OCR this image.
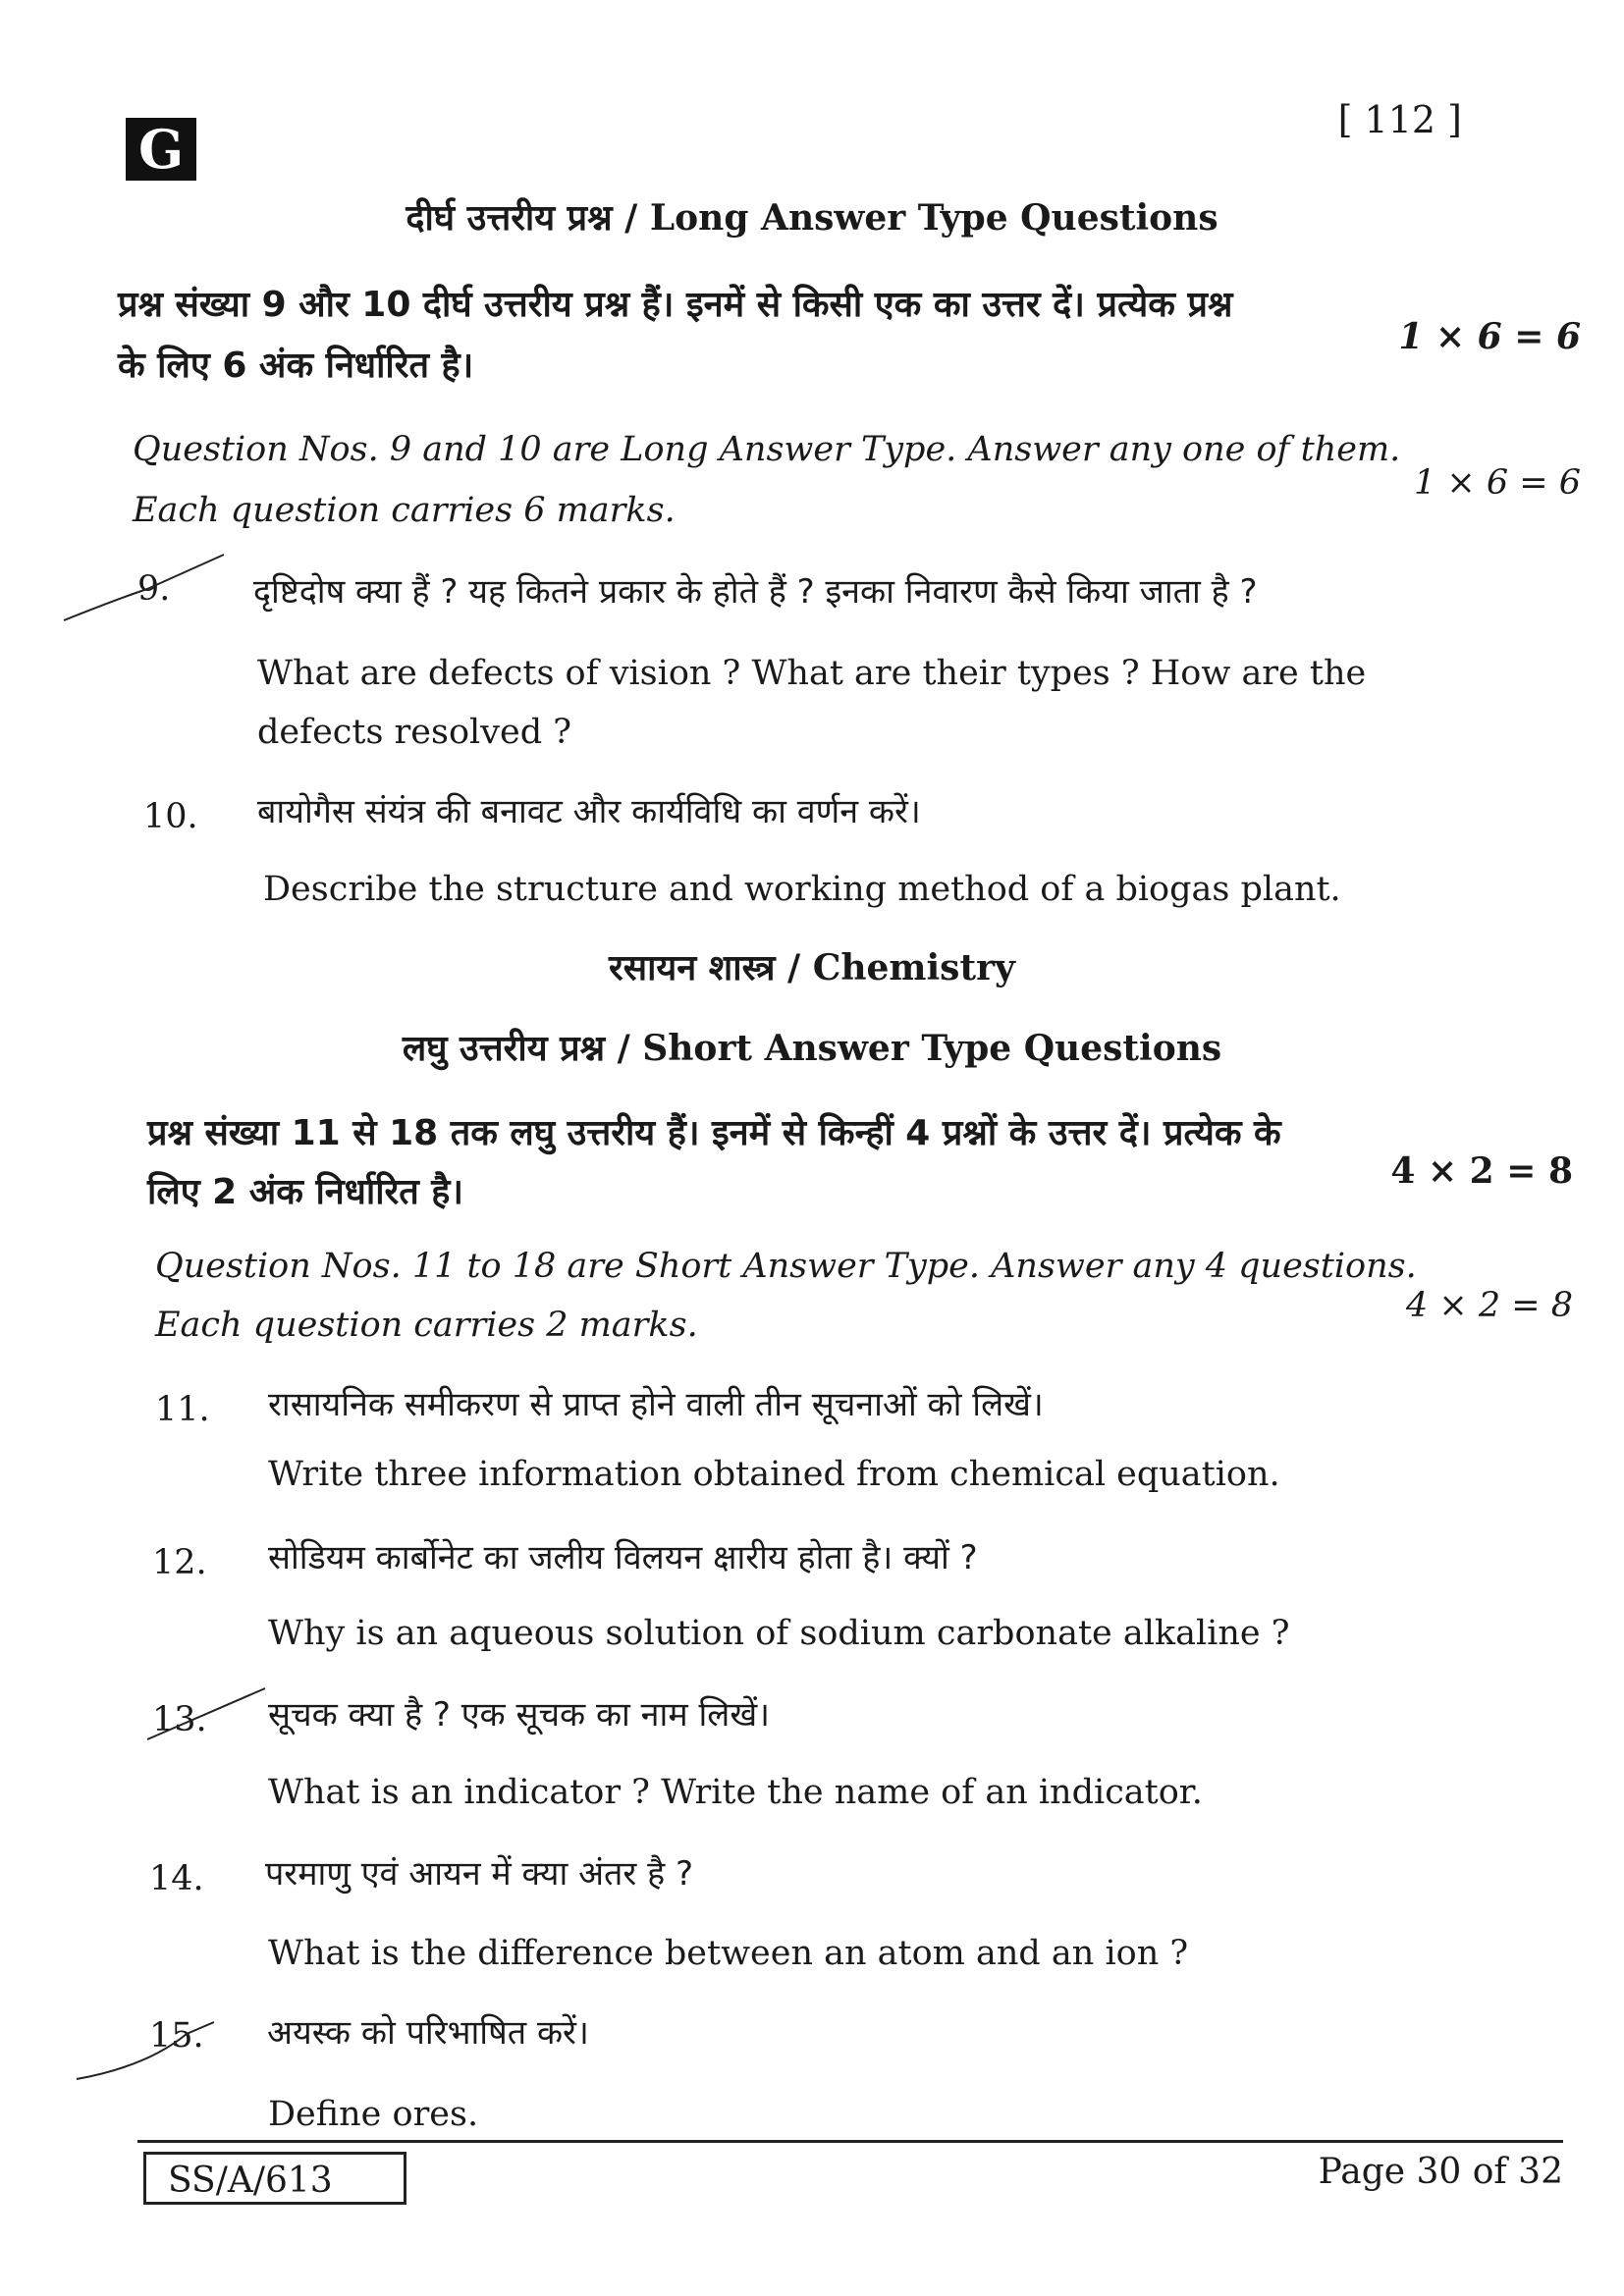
G	[ 112 ]
दीर्घ उत्तरीय प्रश्न / Long Answer Type Questions
प्रश्न संख्या 9 और 10 दीर्घ उत्तरीय प्रश्न हैं। इनमें से किसी एक का उत्तर दें। प्रत्येक प्रश्न
के लिए 6 अंक निर्धारित है।
1 × 6 = 6
Question Nos. 9 and 10 are Long Answer Type. Answer any one of them.
Each question carries 6 marks.
1 × 6 = 6
9. दृष्टिदोष क्या हैं ? यह कितने प्रकार के होते हैं ? इनका निवारण कैसे किया जाता है ?
What are defects of vision ? What are their types ? How are the
defects resolved ?
10. बायोगैस संयंत्र की बनावट और कार्यविधि का वर्णन करें।
Describe the structure and working method of a biogas plant.
रसायन शास्त्र / Chemistry
लघु उत्तरीय प्रश्न / Short Answer Type Questions
प्रश्न संख्या 11 से 18 तक लघु उत्तरीय हैं। इनमें से किन्हीं 4 प्रश्नों के उत्तर दें। प्रत्येक के
लिए 2 अंक निर्धारित है।
4 × 2 = 8
Question Nos. 11 to 18 are Short Answer Type. Answer any 4 questions.
Each question carries 2 marks.	4 × 2 = 8
11. रासायनिक समीकरण से प्राप्त होने वाली तीन सूचनाओं को लिखें।
Write three information obtained from chemical equation.
12. सोडियम कार्बोनेट का जलीय विलयन क्षारीय होता है। क्यों ?
Why is an aqueous solution of sodium carbonate alkaline ?
13. सूचक क्या है ? एक सूचक का नाम लिखें।
What is an indicator ? Write the name of an indicator.
14. परमाणु एवं आयन में क्या अंतर है ?
What is the difference between an atom and an ion ?
15. अयस्क को परिभाषित करें।
Define ores.
SS/A/613	Page 30 of 32
